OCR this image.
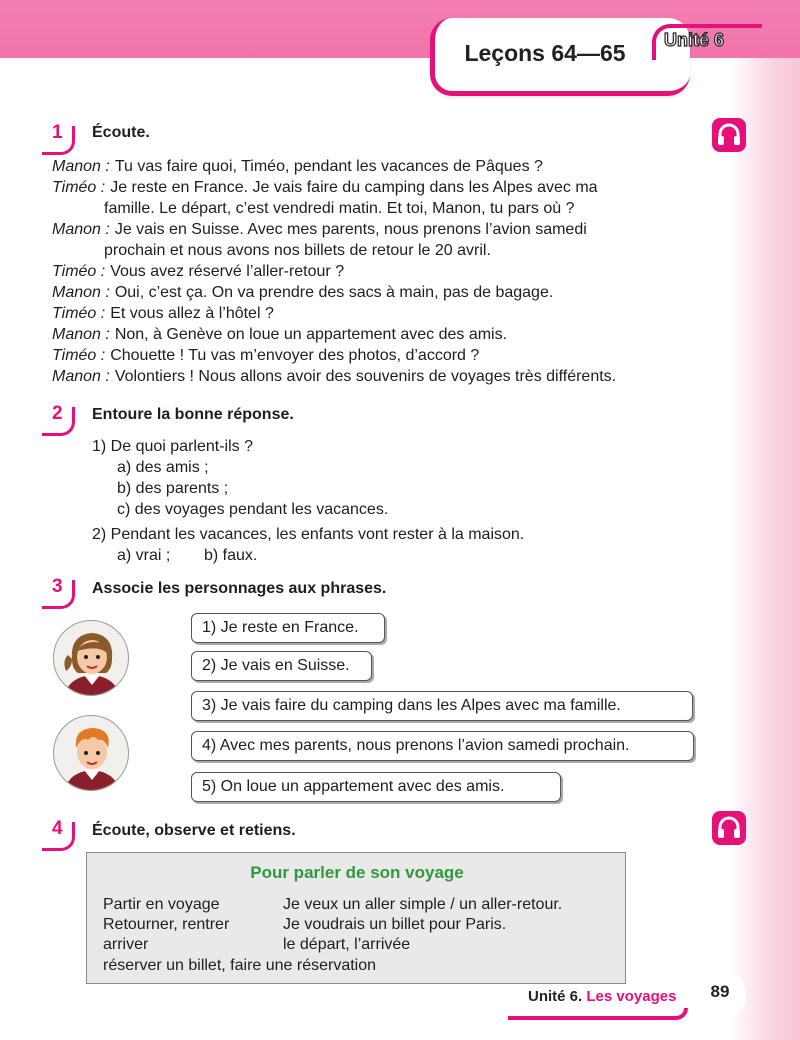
Leçons 64—65	Unité 6
1 Écoute.
Manon : Tu vas faire quoi, Timéo, pendant les vacances de Pâques ?
Timéo : Je reste en France. Je vais faire du camping dans les Alpes avec ma
famille. Le départ, c’est vendredi matin. Et toi, Manon, tu pars où ?
Manon : Je vais en Suisse. Avec mes parents, nous prenons l’avion samedi
prochain et nous avons nos billets de retour le 20 avril.
Timéo : Vous avez réservé l’aller-retour ?
Manon : Oui, c’est ça. On va prendre des sacs à main, pas de bagage.
Timéo : Et vous allez à l’hôtel ?
Manon : Non, à Genève on loue un appartement avec des amis.
Timéo : Chouette ! Tu vas m’envoyer des photos, d’accord ?
Manon : Volontiers ! Nous allons avoir des souvenirs de voyages très différents.
2 Entoure la bonne réponse.
1) De quoi parlent-ils ?
a) des amis ;
b) des parents ;
c) des voyages pendant les vacances.
2) Pendant les vacances, les enfants vont rester à la maison.
a) vrai ; b) faux.
3 Associe les personnages aux phrases.
1) Je reste en France.
2) Je vais en Suisse.
3) Je vais faire du camping dans les Alpes avec ma famille.
4) Avec mes parents, nous prenons l’avion samedi prochain.
5) On loue un appartement avec des amis.
4 Écoute, observe et retiens.
Pour parler de son voyage
Partir en voyage	Je veux un aller simple / un aller-retour.
Retourner, rentrer	Je voudrais un billet pour Paris.
arriver	le départ, l’arrivée
réserver un billet, faire une réservation
Unité 6. Les voyages	89
